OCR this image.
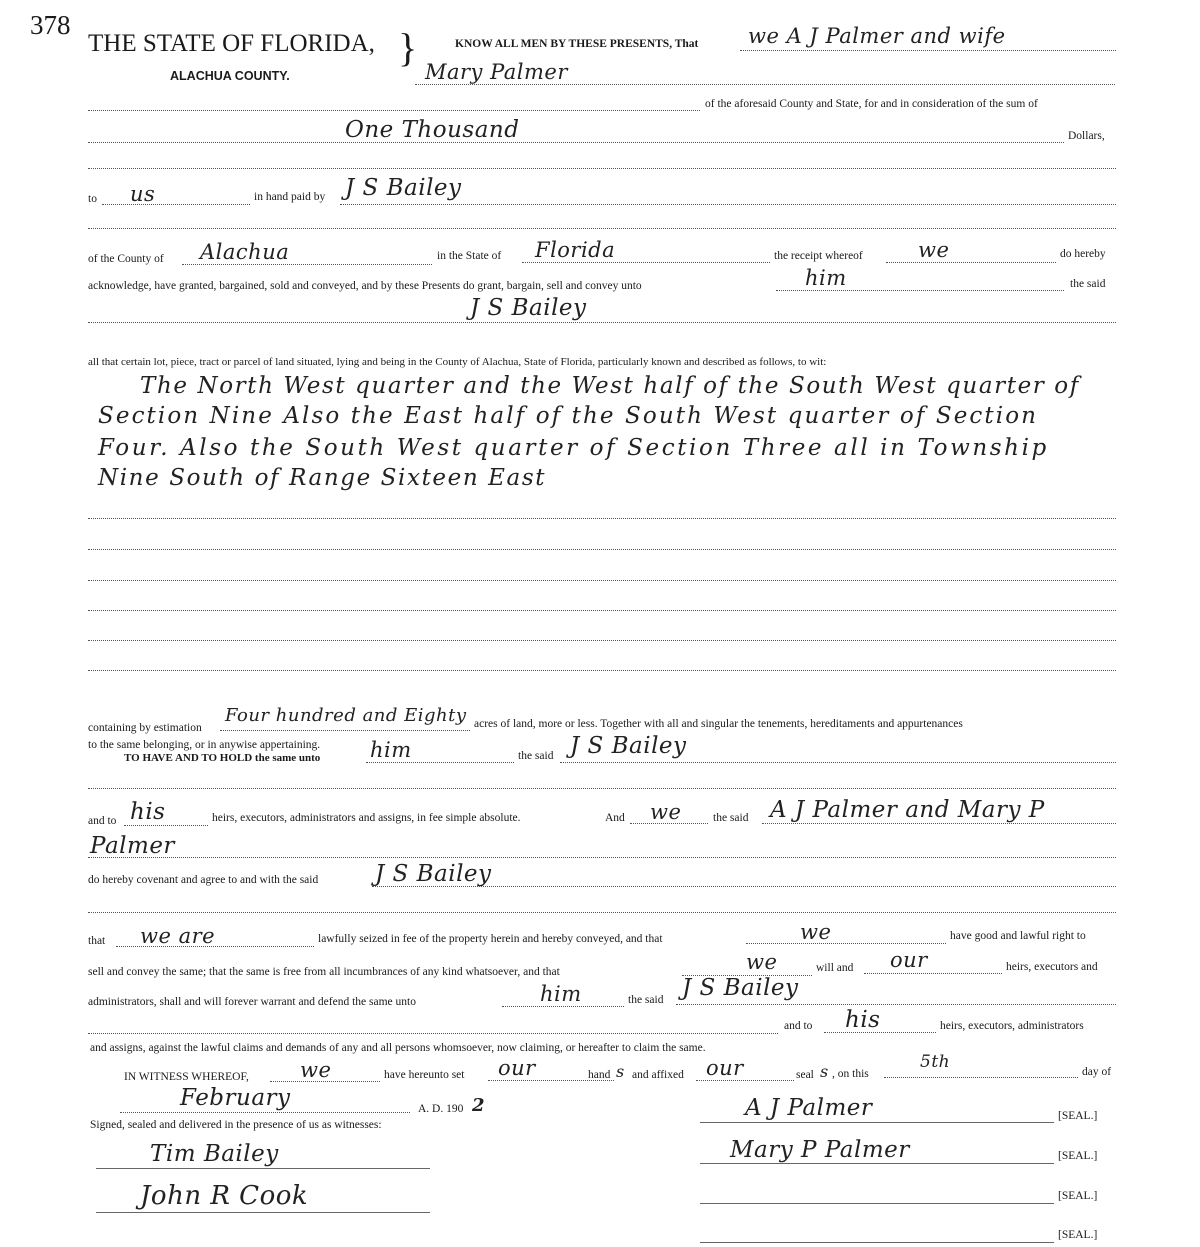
378
THE STATE OF FLORIDA, }
ALACHUA COUNTY.
KNOW ALL MEN BY THESE PRESENTS, That we A J Palmer and wife
Mary Palmer
of the aforesaid County and State, for and in consideration of the sum of
One Thousand	Dollars,
to us	in hand paid by J S Bailey
of the County of Alachua	in the State of Florida	the receipt whereof	we	do hereby
acknowledge, have granted, bargained, sold and conveyed, and by these Presents do grant, bargain, sell and convey unto	him	the said
J S Bailey
all that certain lot, piece, tract or parcel of land situated, lying and being in the County of Alachua, State of Florida, particularly known and described as follows, to wit:
The North West quarter and the West half of the South West quarter of
Section Nine Also the East half of the South West quarter of Section
Four. Also the South West quarter of Section Three all in Township
Nine South of Range Sixteen East
containing by estimation
Four hundred and Eighty acres of land, more or less. Together with all and singular the tenements, hereditaments and appurtenances
to the same belonging, or in anywise appertaining.
TO HAVE AND TO HOLD the same unto him	the said J S Bailey
and to his	heirs, executors, administrators and assigns, in fee simple absolute.	And we	the said A J Palmer and Mary P
Palmer
do hereby covenant and agree to and with the said J S Bailey
that we are	lawfully seized in fee of the property herein and hereby conveyed, and that	we	have good and lawful right to
sell and convey the same; that the same is free from all incumbrances of any kind whatsoever, and that	we	will and our	heirs, executors and
administrators, shall and will forever warrant and defend the same unto	him	the said J S Bailey
and to his	heirs, executors, administrators
and assigns, against the lawful claims and demands of any and all persons whomsoever, now claiming, or hereafter to claim the same.
IN WITNESS WHEREOF, we	have hereunto set our	hand s and affixed our	seal s , on this
5th	day of
February	A. D. 190 2
Signed, sealed and delivered in the presence of us as witnesses:
A J Palmer	[SEAL.]
Mary P Palmer	[SEAL.]
[SEAL.]
[SEAL.]
Tim Bailey
John R Cook
